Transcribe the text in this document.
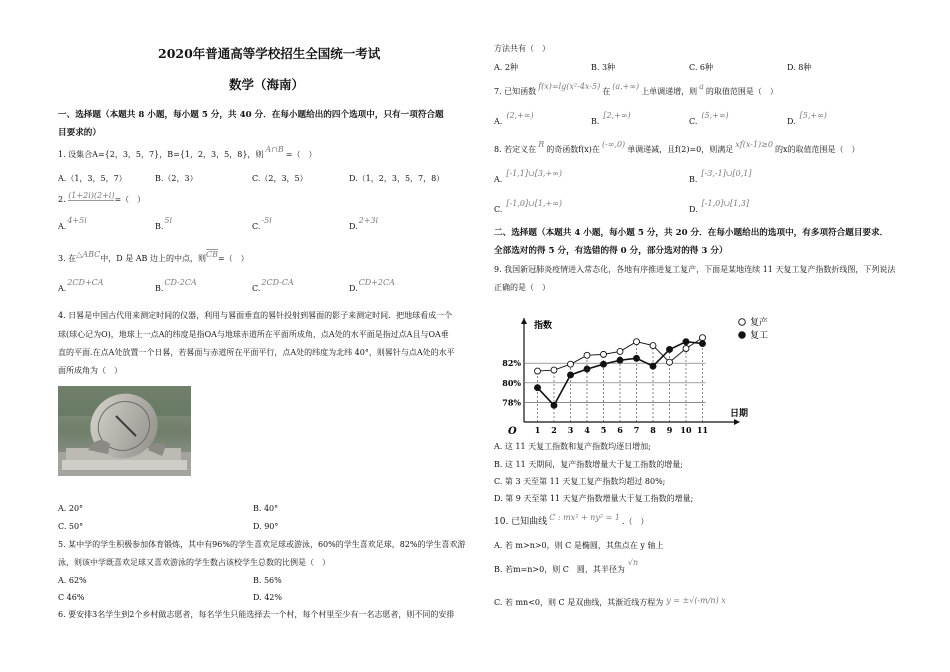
2020年普通高等学校招生全国统一考试
数学（海南）
一、选择题（本题共 8 小题，每小题 5 分，共 40 分．在每小题给出的四个选项中，只有一项符合题
目要求的）
1. 设集合A={2，3，5，7}，B={1，2，3，5，8}，则A∩B=（　）
A.（1，3，5，7）	B.（2，3）	C.（2，3，5）	D.（1，2，3，5，7，8）
2. (1+2i)(2+i)=（　）
A.4+5i
B.5i
C.-5i
D.2+3i
3. 在△ABC中，D 是 AB 边上的中点，则CB=（　）
A.2CD+CA
B.CD-2CA
C.2CD-CA
D.CD+2CA
4. 日晷是中国古代用来测定时间的仪器，利用与晷面垂直的晷针投射到晷面的影子来测定时间．把地球看成一个
球(球心记为O)，地球上一点A的纬度是指OA与地球赤道所在平面所成角，点A处的水平面是指过点A且与OA垂
直的平面.在点A处放置一个日晷，若晷面与赤道所在平面平行，点A处的纬度为北纬 40°，则晷针与点A处的水平
面所成角为（　）
A. 20°	B. 40°
C. 50°	D. 90°
5. 某中学的学生积极参加体育锻炼，其中有96%的学生喜欢足球或游泳，60%的学生喜欢足球，82%的学生喜欢游
泳，则该中学既喜欢足球又喜欢游泳的学生数占该校学生总数的比例是（　）
A. 62%	B. 56%
C 46%	D. 42%
6. 要安排3名学生到2个乡村做志愿者，每名学生只能选择去一个村，每个村里至少有一名志愿者，则不同的安排
方法共有（　）
A. 2种	B. 3种	C. 6种	D. 8种
7. 已知函数f(x)=lg(x²-4x-5)在(a,+∞)上单调递增，则a的取值范围是（　）
A.(2,+∞)
B.[2,+∞)
C.(5,+∞)
D.[5,+∞)
8. 若定义在R的奇函数f(x)在(-∞,0)单调递减，且f(2)=0，则满足xf(x-1)≥0的x的取值范围是（　）
A.[-1,1]∪[3,+∞)
B.[-3,-1]∪[0,1]
C.[-1,0]∪[1,+∞)
D.[-1,0]∪[1,3]
二、选择题（本题共 4 小题，每小题 5 分，共 20 分．在每小题给出的选项中，有多项符合题目要求．
全部选对的得 5 分，有选错的得 0 分，部分选对的得 3 分）
9. 我国新冠肺炎疫情进入常态化，各地有序推进复工复产，下面是某地连续 11 天复工复产指数折线图，下列说法
正确的是（　）
指数
日期
O
78%
80%
82%
1 2 3 4 5 6 7 8 9 10 11
复产
复工
A. 这 11 天复工指数和复产指数均逐日增加;
B. 这 11 天期间，复产指数增量大于复工指数的增量;
C. 第 3 天至第 11 天复工复产指数均超过 80%;
D. 第 9 天至第 11 天复产指数增量大于复工指数的增量;
10. 已知曲线 C : mx² + ny² = 1 .（　）
A. 若 m>n>0，则 C 是椭圆，其焦点在 y 轴上
B. 若m=n>0，则 C　圆，其半径为√n
C. 若 mn<0，则 C 是双曲线，其渐近线方程为 y = ±√(-m/n) x
